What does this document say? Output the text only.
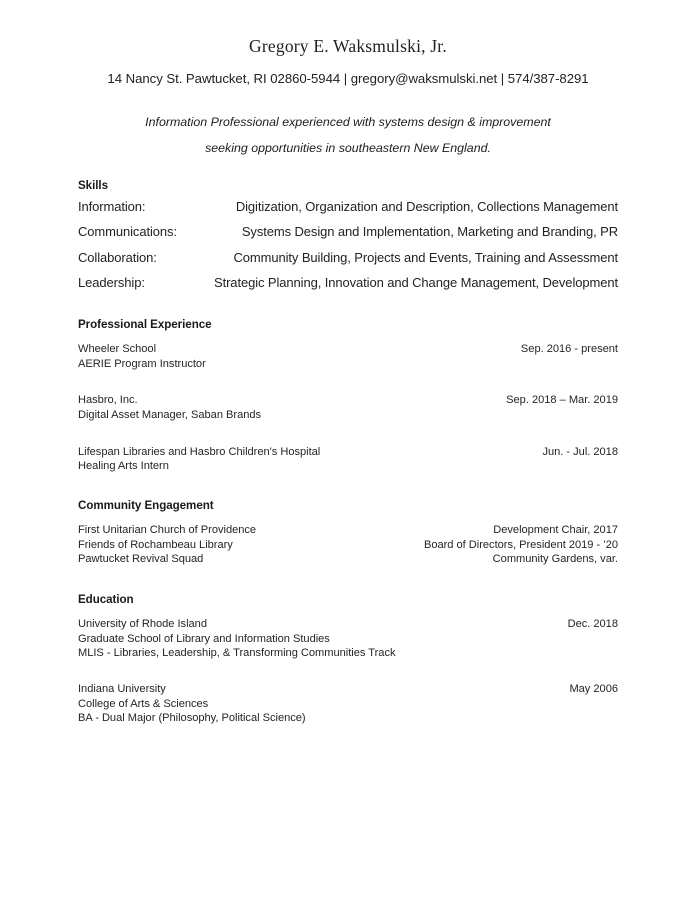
Gregory E. Waksmulski, Jr.
14 Nancy St. Pawtucket, RI 02860-5944 | gregory@waksmulski.net | 574/387-8291
Information Professional experienced with systems design & improvement
seeking opportunities in southeastern New England.
Skills
Information:	Digitization, Organization and Description, Collections Management
Communications:	Systems Design and Implementation, Marketing and Branding, PR
Collaboration:	Community Building, Projects and Events, Training and Assessment
Leadership:	Strategic Planning, Innovation and Change Management, Development
Professional Experience
Wheeler School	Sep. 2016 - present
AERIE Program Instructor
Hasbro, Inc.	Sep. 2018 – Mar. 2019
Digital Asset Manager, Saban Brands
Lifespan Libraries and Hasbro Children's Hospital	Jun. - Jul. 2018
Healing Arts Intern
Community Engagement
First Unitarian Church of Providence	Development Chair, 2017
Friends of Rochambeau Library	Board of Directors, President 2019 - ’20
Pawtucket Revival Squad	Community Gardens, var.
Education
University of Rhode Island	Dec. 2018
Graduate School of Library and Information Studies
MLIS - Libraries, Leadership, & Transforming Communities Track
Indiana University	May 2006
College of Arts & Sciences
BA - Dual Major (Philosophy, Political Science)
